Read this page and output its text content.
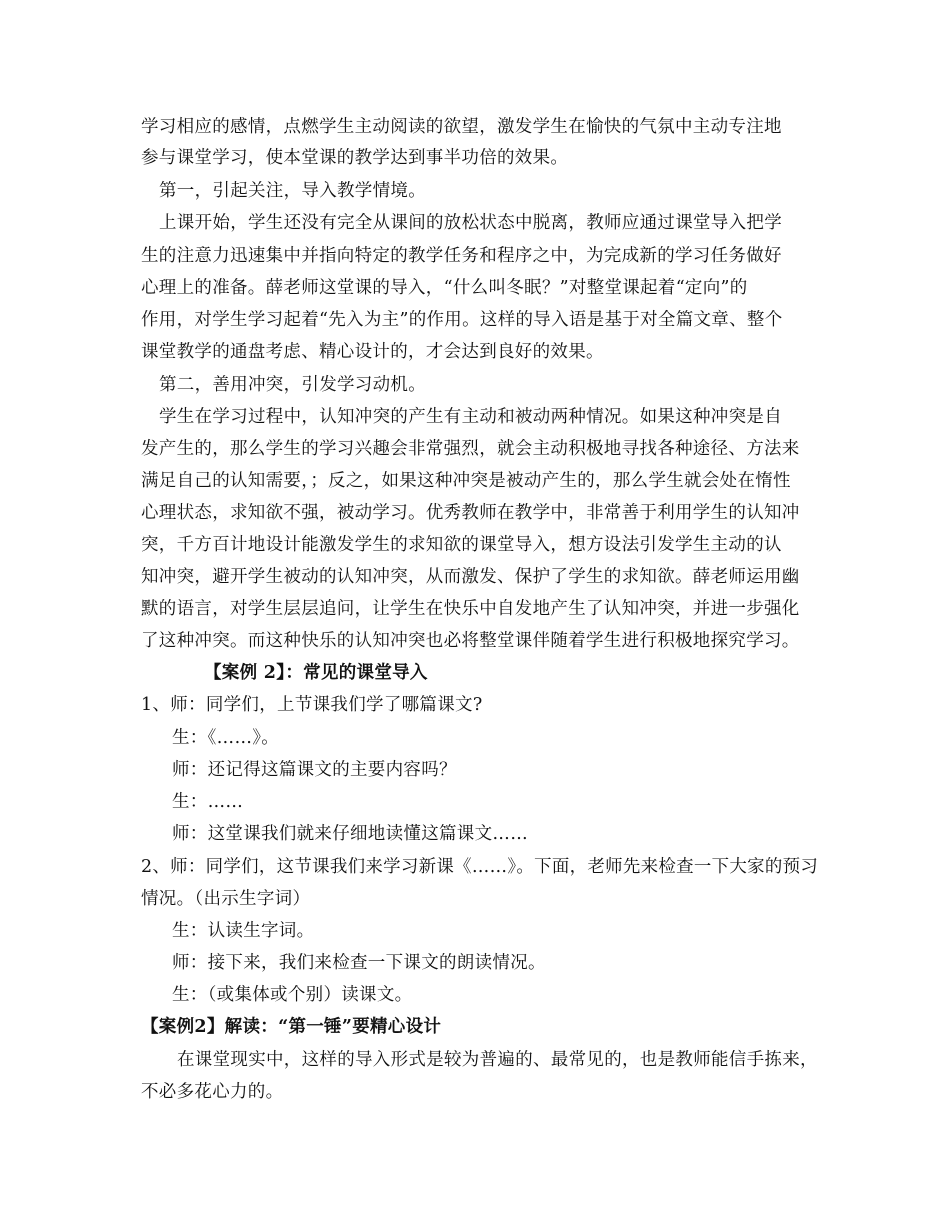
学习相应的感情，点燃学生主动阅读的欲望，激发学生在愉快的气氛中主动专注地
参与课堂学习，使本堂课的教学达到事半功倍的效果。
第一，引起关注，导入教学情境。
上课开始，学生还没有完全从课间的放松状态中脱离，教师应通过课堂导入把学
生的注意力迅速集中并指向特定的教学任务和程序之中，为完成新的学习任务做好
心理上的准备。薛老师这堂课的导入，“什么叫冬眠？”对整堂课起着“定向”的
作用，对学生学习起着“先入为主”的作用。这样的导入语是基于对全篇文章、整个
课堂教学的通盘考虑、精心设计的，才会达到良好的效果。
第二，善用冲突，引发学习动机。
学生在学习过程中，认知冲突的产生有主动和被动两种情况。如果这种冲突是自
发产生的，那么学生的学习兴趣会非常强烈，就会主动积极地寻找各种途径、方法来
满足自己的认知需要，；反之，如果这种冲突是被动产生的，那么学生就会处在惰性
心理状态，求知欲不强，被动学习。优秀教师在教学中，非常善于利用学生的认知冲
突，千方百计地设计能激发学生的求知欲的课堂导入，想方设法引发学生主动的认
知冲突，避开学生被动的认知冲突，从而激发、保护了学生的求知欲。薛老师运用幽
默的语言，对学生层层追问，让学生在快乐中自发地产生了认知冲突，并进一步强化
了这种冲突。而这种快乐的认知冲突也必将整堂课伴随着学生进行积极地探究学习。
【案例 2】：常见的课堂导入
1、师：同学们，上节课我们学了哪篇课文?
生：《……》。
师：还记得这篇课文的主要内容吗？
生：……
师：这堂课我们就来仔细地读懂这篇课文……
2、师：同学们，这节课我们来学习新课《……》。下面，老师先来检查一下大家的预习
情况。（出示生字词）
生：认读生字词。
师：接下来，我们来检查一下课文的朗读情况。
生：（或集体或个别）读课文。
【案例2】解读：“第一锤”要精心设计
在课堂现实中，这样的导入形式是较为普遍的、最常见的，也是教师能信手拣来，
不必多花心力的。
